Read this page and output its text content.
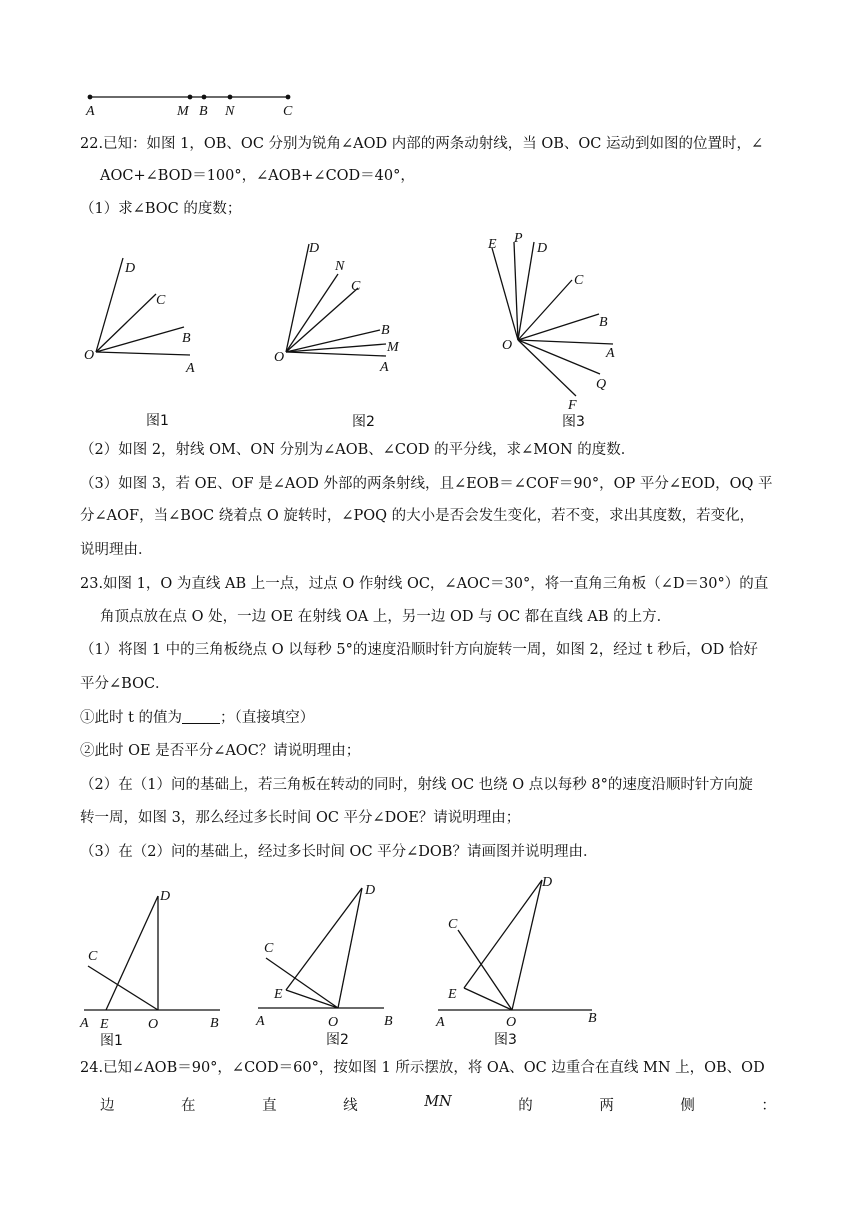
A	M B N	C
22.已知：如图 1，OB、OC 分别为锐角∠AOD 内部的两条动射线，当 OB、OC 运动到如图的位置时，∠
AOC+∠BOD＝100°，∠AOB+∠COD＝40°，
（1）求∠BOC 的度数；
D
C
B
O
A
图1
D
N
C
B
M
O
A
图2
E P
D
C
B
A
O
Q
F
图3
（2）如图 2，射线 OM、ON 分别为∠AOB、∠COD 的平分线，求∠MON 的度数．
（3）如图 3，若 OE、OF 是∠AOD 外部的两条射线，且∠EOB＝∠COF＝90°，OP 平分∠EOD，OQ 平
分∠AOF，当∠BOC 绕着点 O 旋转时，∠POQ 的大小是否会发生变化，若不变，求出其度数，若变化，
说明理由．
23.如图 1，O 为直线 AB 上一点，过点 O 作射线 OC，∠AOC＝30°，将一直角三角板（∠D＝30°）的直
角顶点放在点 O 处，一边 OE 在射线 OA 上，另一边 OD 与 OC 都在直线 AB 的上方．
（1）将图 1 中的三角板绕点 O 以每秒 5°的速度沿顺时针方向旋转一周，如图 2，经过 t 秒后，OD 恰好
平分∠BOC．
①此时 t 的值为	；（直接填空）
②此时 OE 是否平分∠AOC？请说明理由；
（2）在（1）问的基础上，若三角板在转动的同时，射线 OC 也绕 O 点以每秒 8°的速度沿顺时针方向旋
转一周，如图 3，那么经过多长时间 OC 平分∠DOE？请说明理由；
（3）在（2）问的基础上，经过多长时间 OC 平分∠DOB？请画图并说明理由．
D
C
A E	O	B
图1
D
C
E
A	O	B
图2
D
C
E
A	O	B
图3
24.已知∠AOB＝90°，∠COD＝60°，按如图 1 所示摆放，将 OA、OC 边重合在直线 MN 上，OB、OD
边	在	直	线	MN	的	两	侧	：
